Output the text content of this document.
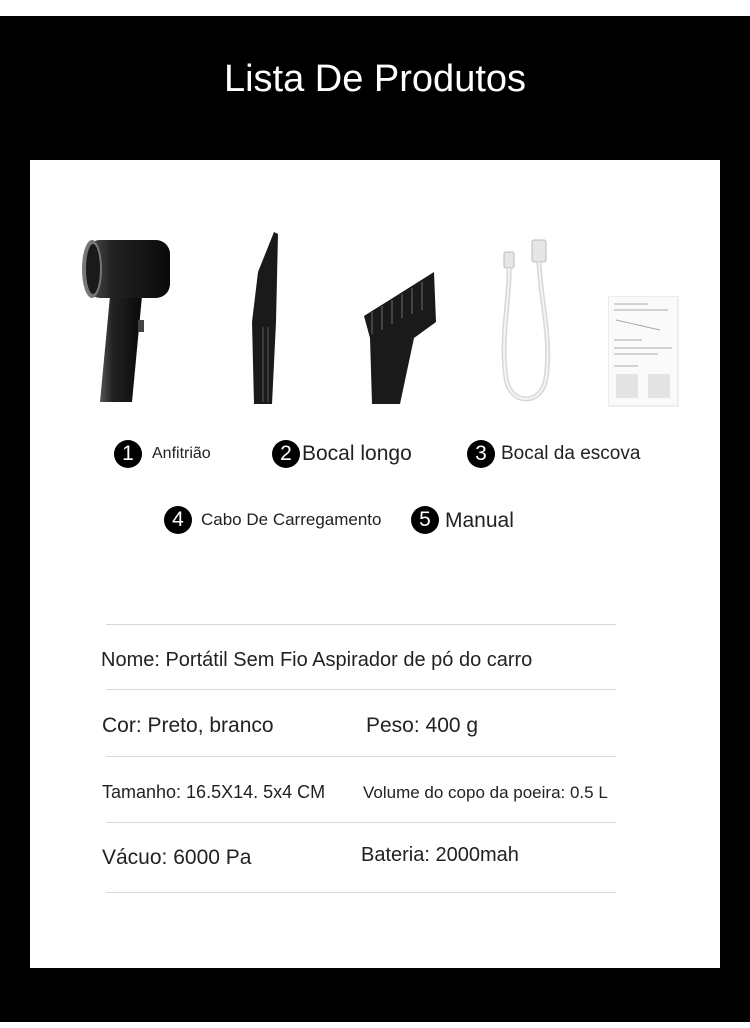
Lista De Produtos
1	Anfitrião	2 Bocal longo	3 Bocal da escova
4	Cabo De Carregamento	5 Manual
Nome: Portátil Sem Fio Aspirador de pó do carro
Cor: Preto, branco	Peso: 400 g
Tamanho: 16.5X14. 5x4 CM Volume do copo da poeira: 0.5 L
Vácuo: 6000 Pa	Bateria: 2000mah
